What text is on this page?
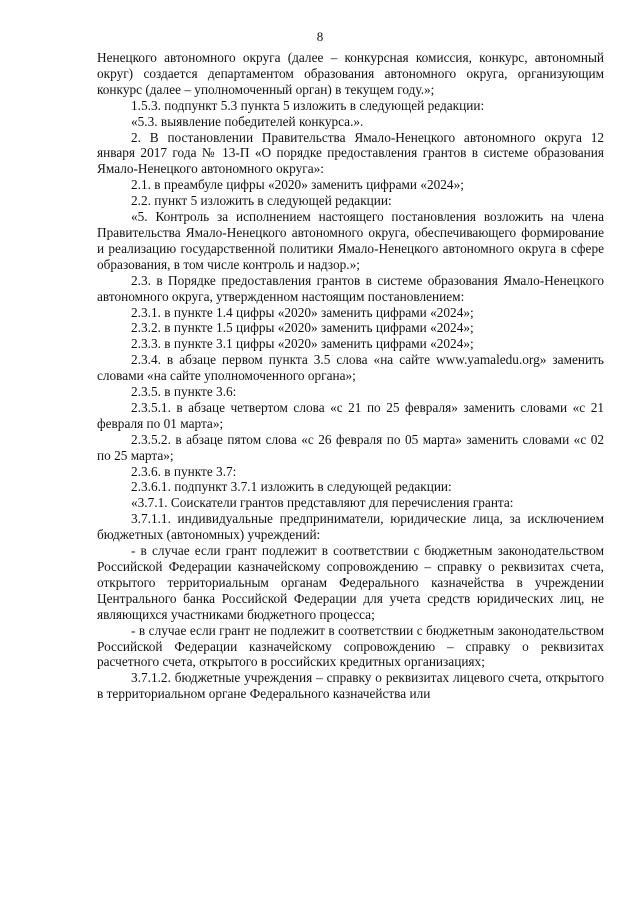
8

Ненецкого автономного округа (далее – конкурсная комиссия, конкурс, автономный округ) создается департаментом образования автономного округа, организующим конкурс (далее – уполномоченный орган) в текущем году.»;

1.5.3. подпункт 5.3 пункта 5 изложить в следующей редакции:

«5.3. выявление победителей конкурса.».

2. В постановлении Правительства Ямало-Ненецкого автономного округа 12 января 2017 года № 13-П «О порядке предоставления грантов в системе образования Ямало-Ненецкого автономного округа»:

2.1. в преамбуле цифры «2020» заменить цифрами «2024»;

2.2. пункт 5 изложить в следующей редакции:

«5. Контроль за исполнением настоящего постановления возложить на члена Правительства Ямало-Ненецкого автономного округа, обеспечивающего формирование и реализацию государственной политики Ямало-Ненецкого автономного округа в сфере образования, в том числе контроль и надзор.»;

2.3. в Порядке предоставления грантов в системе образования Ямало-Ненецкого автономного округа, утвержденном настоящим постановлением:

2.3.1. в пункте 1.4 цифры «2020» заменить цифрами «2024»;

2.3.2. в пункте 1.5 цифры «2020» заменить цифрами «2024»;

2.3.3. в пункте 3.1 цифры «2020» заменить цифрами «2024»;

2.3.4. в абзаце первом пункта 3.5 слова «на сайте www.yamaledu.org» заменить словами «на сайте уполномоченного органа»;

2.3.5. в пункте 3.6:

2.3.5.1. в абзаце четвертом слова «с 21 по 25 февраля» заменить словами «с 21 февраля по 01 марта»;

2.3.5.2. в абзаце пятом слова «с 26 февраля по 05 марта» заменить словами «с 02 по 25 марта»;

2.3.6. в пункте 3.7:

2.3.6.1. подпункт 3.7.1 изложить в следующей редакции:

«3.7.1. Соискатели грантов представляют для перечисления гранта:

3.7.1.1. индивидуальные предприниматели, юридические лица, за исключением бюджетных (автономных) учреждений:

- в случае если грант подлежит в соответствии с бюджетным законодательством Российской Федерации казначейскому сопровождению – справку о реквизитах счета, открытого территориальным органам Федерального казначейства в учреждении Центрального банка Российской Федерации для учета средств юридических лиц, не являющихся участниками бюджетного процесса;

- в случае если грант не подлежит в соответствии с бюджетным законодательством Российской Федерации казначейскому сопровождению – справку о реквизитах расчетного счета, открытого в российских кредитных организациях;

3.7.1.2. бюджетные учреждения – справку о реквизитах лицевого счета, открытого в территориальном органе Федерального казначейства или
